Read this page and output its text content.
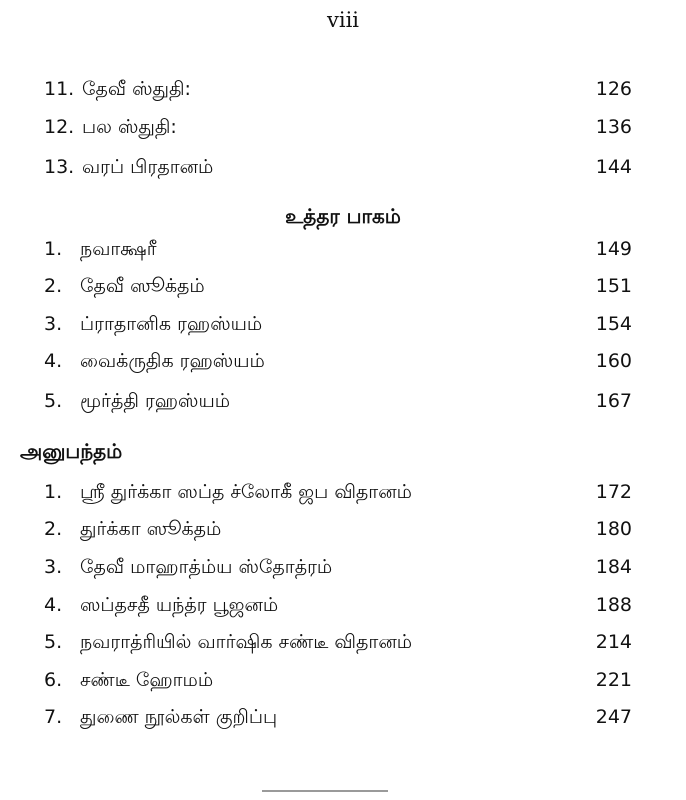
viii
11. தேவீ ஸ்துதி:	126
12. பல ஸ்துதி:	136
13. வரப் பிரதானம்	144
உத்தர பாகம்
1. நவாக்ஷரீ	149
2. தேவீ ஸூக்தம்	151
3. ப்ராதானிக ரஹஸ்யம்	154
4. வைக்ருதிக ரஹஸ்யம்	160
5. மூர்த்தி ரஹஸ்யம்	167
அனுபந்தம்
1. ஸ்ரீ துர்க்கா ஸப்த ச்லோகீ ஜப விதானம்	172
2. துர்க்கா ஸூக்தம்	180
3. தேவீ மாஹாத்ம்ய ஸ்தோத்ரம்	184
4. ஸப்தசதீ யந்த்ர பூஜனம்	188
5. நவராத்ரியில் வார்ஷிக சண்டீ விதானம்	214
6. சண்டீ ஹோமம்	221
7. துணை நூல்கள் குறிப்பு	247
